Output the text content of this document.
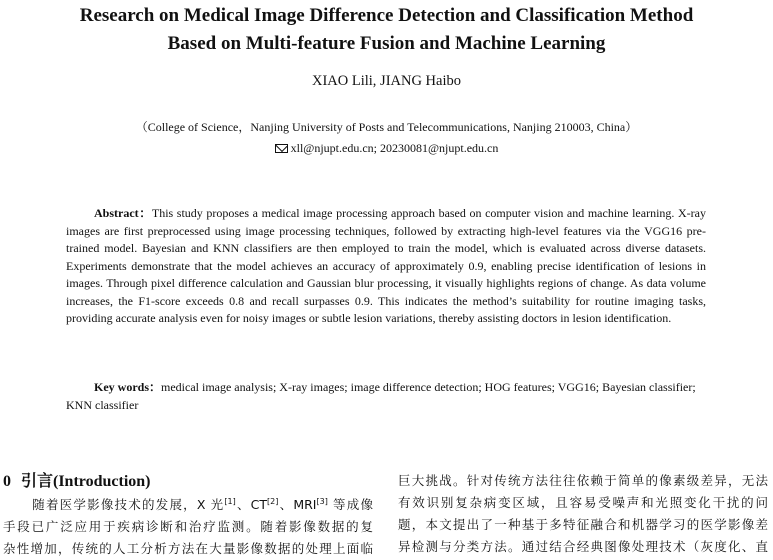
Research on Medical Image Difference Detection and Classification Method
Based on Multi-feature Fusion and Machine Learning
XIAO Lili, JIANG Haibo
（College of Science，Nanjing University of Posts and Telecommunications, Nanjing 210003, China）
xll@njupt.edu.cn; 20230081@njupt.edu.cn

Abstract：This study proposes a medical image processing approach based on computer vision and machine learning. X-ray images are first preprocessed using image processing techniques, followed by extracting high-level features via the VGG16 pre-trained model. Bayesian and KNN classifiers are then employed to train the model, which is evaluated across diverse datasets. Experiments demonstrate that the model achieves an accuracy of approximately 0.9, enabling precise identification of lesions in images. Through pixel difference calculation and Gaussian blur processing, it visually highlights regions of change. As data volume increases, the F1-score exceeds 0.8 and recall surpasses 0.9. This indicates the method’s suitability for routine imaging tasks, providing accurate analysis even for noisy images or subtle lesion variations, thereby assisting doctors in lesion identification.

Key words：medical image analysis; X-ray images; image difference detection; HOG features; VGG16; Bayesian classifier; KNN classifier

0 引言(Introduction)
随着医学影像技术的发展，X 光[1]、CT[2]、MRI[3] 等成像
手段已广泛应用于疾病诊断和治疗监测。随着影像数据的复
杂性增加，传统的人工分析方法在大量影像数据的处理上面临
巨大挑战。针对传统方法往往依赖于简单的像素级差异，无法
有效识别复杂病变区域，且容易受噪声和光照变化干扰的问
题，本文提出了一种基于多特征融合和机器学习的医学影像差
异检测与分类方法。通过结合经典图像处理技术（灰度化、直
